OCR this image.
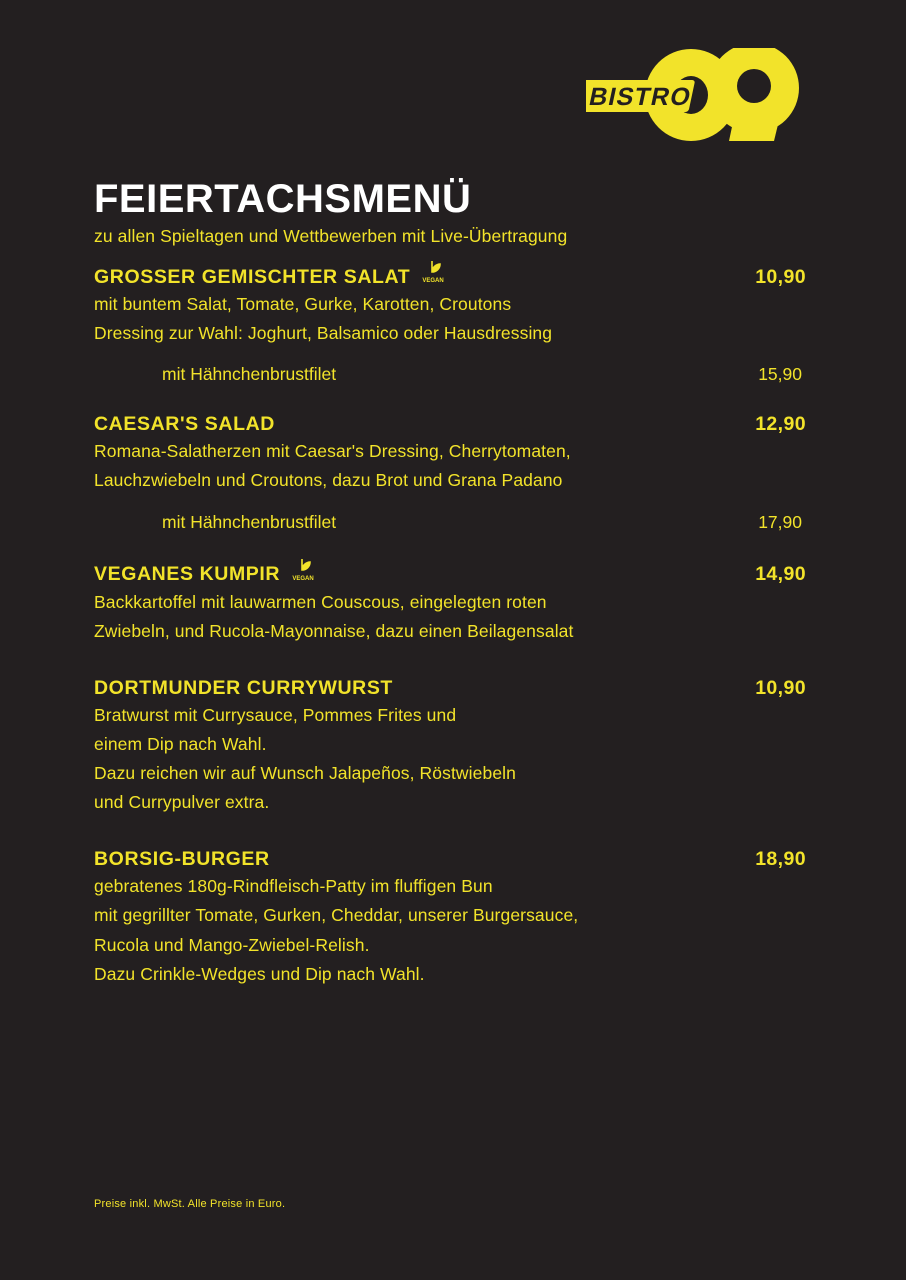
BISTRO
FEIERTACHSMENÜ
zu allen Spieltagen und Wettbewerben mit Live-Übertragung
GROSSER GEMISCHTER SALAT VEGAN	10,90
mit buntem Salat, Tomate, Gurke, Karotten, Croutons
Dressing zur Wahl: Joghurt, Balsamico oder Hausdressing
mit Hähnchenbrustfilet	15,90
CAESAR'S SALAD	12,90
Romana-Salatherzen mit Caesar's Dressing, Cherrytomaten,
Lauchzwiebeln und Croutons, dazu Brot und Grana Padano
mit Hähnchenbrustfilet	17,90
VEGANES KUMPIR VEGAN	14,90
Backkartoffel mit lauwarmen Couscous, eingelegten roten
Zwiebeln, und Rucola-Mayonnaise, dazu einen Beilagensalat
DORTMUNDER CURRYWURST	10,90
Bratwurst mit Currysauce, Pommes Frites und
einem Dip nach Wahl.
Dazu reichen wir auf Wunsch Jalapeños, Röstwiebeln
und Currypulver extra.
BORSIG-BURGER	18,90
gebratenes 180g-Rindfleisch-Patty im fluffigen Bun
mit gegrillter Tomate, Gurken, Cheddar, unserer Burgersauce,
Rucola und Mango-Zwiebel-Relish.
Dazu Crinkle-Wedges und Dip nach Wahl.
Preise inkl. MwSt. Alle Preise in Euro.
